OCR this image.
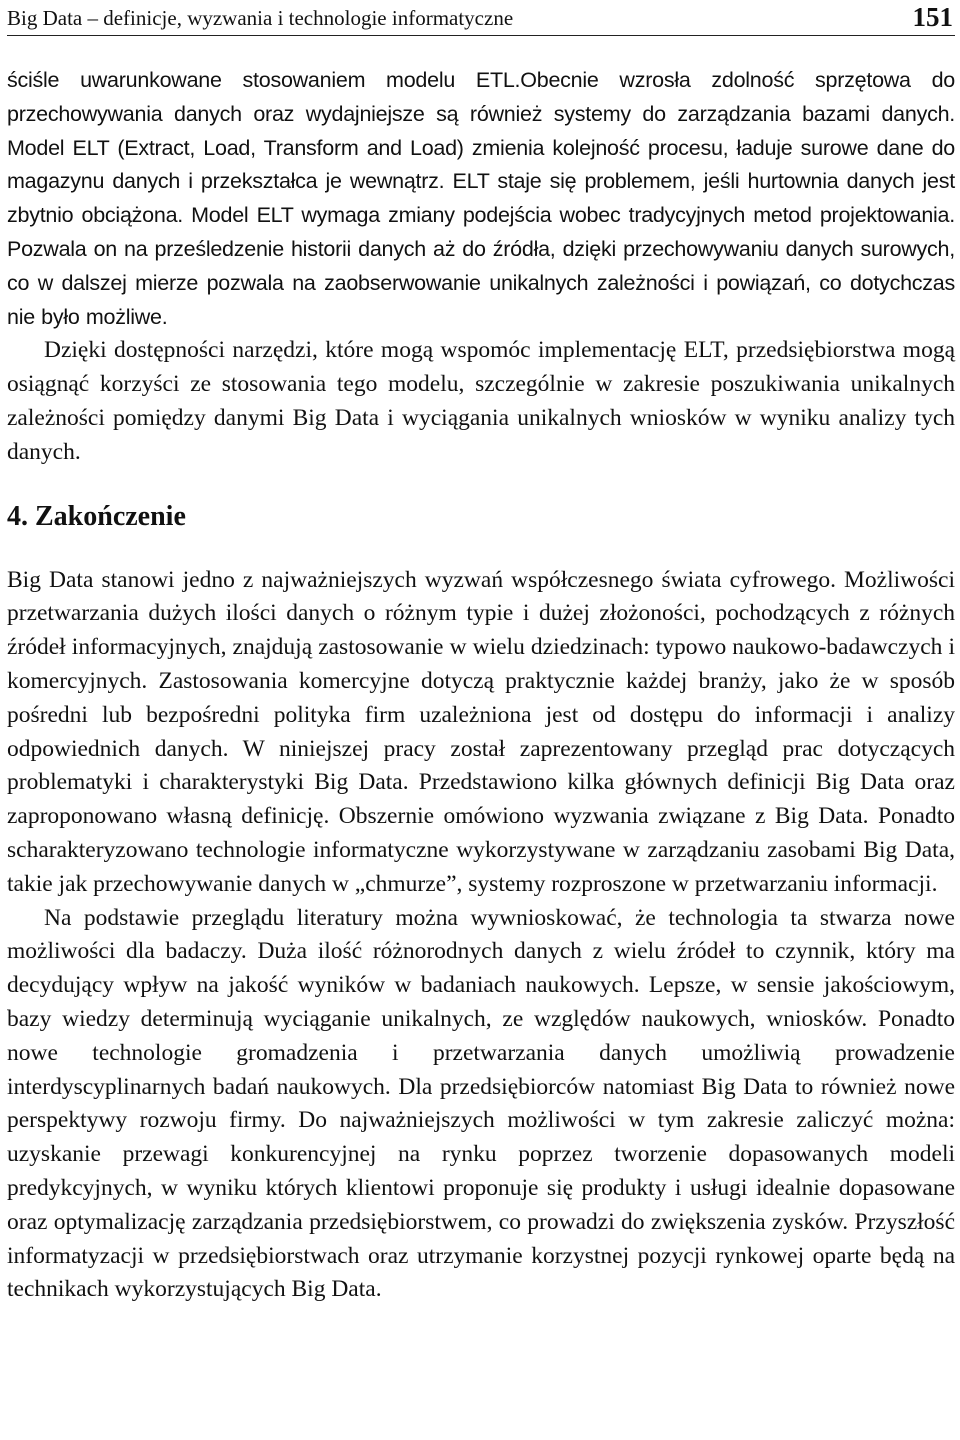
Big Data – definicje, wyzwania i technologie informatyczne	151

ściśle uwarunkowane stosowaniem modelu ETL.Obecnie wzrosła zdolność sprzętowa do przechowywania danych oraz wydajniejsze są również systemy do zarządzania bazami danych. Model ELT (Extract, Load, Transform and Load) zmienia kolejność procesu, ładuje surowe dane do magazynu danych i przekształca je wewnątrz. ELT staje się problemem, jeśli hurtownia danych jest zbytnio obciążona. Model ELT wymaga zmiany podejścia wobec tradycyjnych metod projektowania. Pozwala on na prześledzenie historii danych aż do źródła, dzięki przechowywaniu danych surowych, co w dalszej mierze pozwala na zaobserwowanie unikalnych zależności i powiązań, co dotychczas nie było możliwe.

Dzięki dostępności narzędzi, które mogą wspomóc implementację ELT, przedsiębiorstwa mogą osiągnąć korzyści ze stosowania tego modelu, szczególnie w zakresie poszukiwania unikalnych zależności pomiędzy danymi Big Data i wyciągania unikalnych wniosków w wyniku analizy tych danych.

4. Zakończenie

Big Data stanowi jedno z najważniejszych wyzwań współczesnego świata cyfrowego. Możliwości przetwarzania dużych ilości danych o różnym typie i dużej złożoności, pochodzących z różnych źródeł informacyjnych, znajdują zastosowanie w wielu dziedzinach: typowo naukowo-badawczych i komercyjnych. Zastosowania komercyjne dotyczą praktycznie każdej branży, jako że w sposób pośredni lub bezpośredni polityka firm uzależniona jest od dostępu do informacji i analizy odpowiednich danych. W niniejszej pracy został zaprezentowany przegląd prac dotyczących problematyki i charakterystyki Big Data. Przedstawiono kilka głównych definicji Big Data oraz zaproponowano własną definicję. Obszernie omówiono wyzwania związane z Big Data. Ponadto scharakteryzowano technologie informatyczne wykorzystywane w zarządzaniu zasobami Big Data, takie jak przechowywanie danych w „chmurze”, systemy rozproszone w przetwarzaniu informacji.

Na podstawie przeglądu literatury można wywnioskować, że technologia ta stwarza nowe możliwości dla badaczy. Duża ilość różnorodnych danych z wielu źródeł to czynnik, który ma decydujący wpływ na jakość wyników w badaniach naukowych. Lepsze, w sensie jakościowym, bazy wiedzy determinują wyciąganie unikalnych, ze względów naukowych, wniosków. Ponadto nowe technologie gromadzenia i przetwarzania danych umożliwią prowadzenie interdyscyplinarnych badań naukowych. Dla przedsiębiorców natomiast Big Data to również nowe perspektywy rozwoju firmy. Do najważniejszych możliwości w tym zakresie zaliczyć można: uzyskanie przewagi konkurencyjnej na rynku poprzez tworzenie dopasowanych modeli predykcyjnych, w wyniku których klientowi proponuje się produkty i usługi idealnie dopasowane oraz optymalizację zarządzania przedsiębiorstwem, co prowadzi do zwiększenia zysków. Przyszłość informatyzacji w przedsiębiorstwach oraz utrzymanie korzystnej pozycji rynkowej oparte będą na technikach wykorzystujących Big Data.
